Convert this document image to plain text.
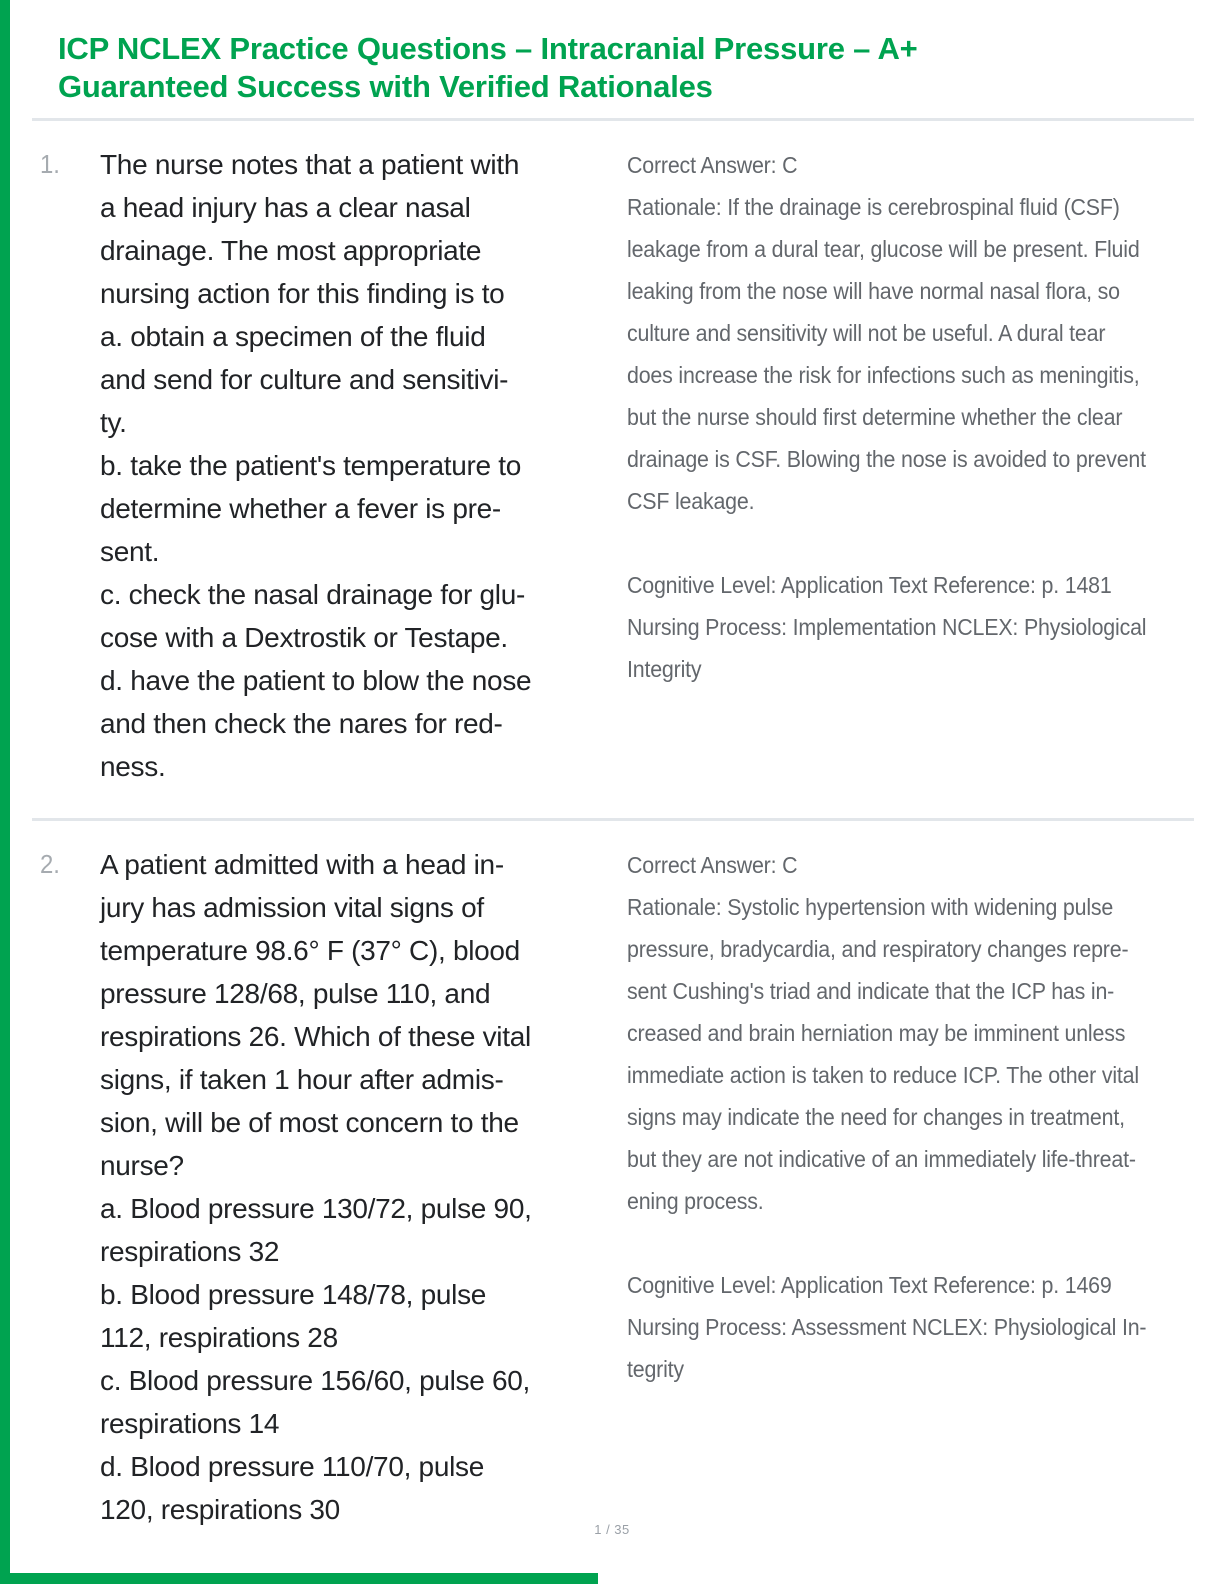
ICP NCLEX Practice Questions – Intracranial Pressure – A+
Guaranteed Success with Verified Rationales
1.	The nurse notes that a patient with
a head injury has a clear nasal
drainage. The most appropriate
nursing action for this finding is to
a. obtain a specimen of the fluid
and send for culture and sensitivi-
ty.
b. take the patient's temperature to
determine whether a fever is pre-
sent.
c. check the nasal drainage for glu-
cose with a Dextrostik or Testape.
d. have the patient to blow the nose
and then check the nares for red-
ness.
Correct Answer: C
Rationale: If the drainage is cerebrospinal fluid (CSF)
leakage from a dural tear, glucose will be present. Fluid
leaking from the nose will have normal nasal flora, so
culture and sensitivity will not be useful. A dural tear
does increase the risk for infections such as meningitis,
but the nurse should first determine whether the clear
drainage is CSF. Blowing the nose is avoided to prevent
CSF leakage.
Cognitive Level: Application Text Reference: p. 1481
Nursing Process: Implementation NCLEX: Physiological
Integrity
2.	A patient admitted with a head in-
jury has admission vital signs of
temperature 98.6° F (37° C), blood
pressure 128/68, pulse 110, and
respirations 26. Which of these vital
signs, if taken 1 hour after admis-
sion, will be of most concern to the
nurse?
a. Blood pressure 130/72, pulse 90,
respirations 32
b. Blood pressure 148/78, pulse
112, respirations 28
c. Blood pressure 156/60, pulse 60,
respirations 14
d. Blood pressure 110/70, pulse
120, respirations 30
Correct Answer: C
Rationale: Systolic hypertension with widening pulse
pressure, bradycardia, and respiratory changes repre-
sent Cushing's triad and indicate that the ICP has in-
creased and brain herniation may be imminent unless
immediate action is taken to reduce ICP. The other vital
signs may indicate the need for changes in treatment,
but they are not indicative of an immediately life-threat-
ening process.
Cognitive Level: Application Text Reference: p. 1469
Nursing Process: Assessment NCLEX: Physiological In-
tegrity
1 / 35
